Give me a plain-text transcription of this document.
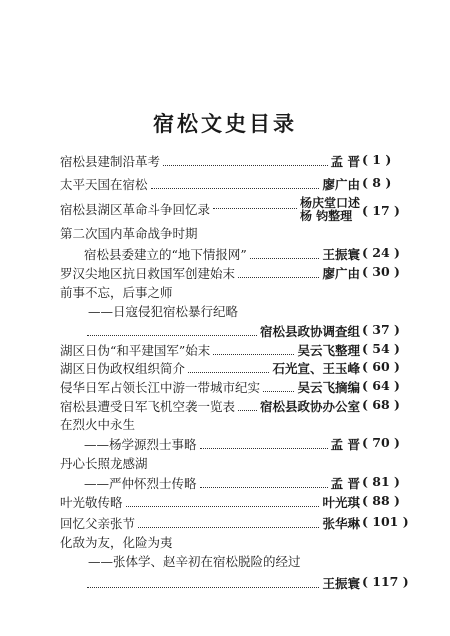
宿松文史目录
宿松县建制沿革考	孟 晋 ( 1 )
太平天国在宿松	廖广由 ( 8 )
宿松县湖区革命斗争回忆录	杨庆堂口述
杨 钧整理 ( 17 )
第二次国内革命战争时期
宿松县委建立的“地下情报网”	王振寰 ( 24 )
罗汉尖地区抗日救国军创建始末	廖广由 ( 30 )
前事不忘，后事之师
——日寇侵犯宿松暴行纪略
宿松县政协调查组 ( 37 )
湖区日伪“和平建国军”始末	吴云飞整理 ( 54 )
湖区日伪政权组织简介	石光宣、王玉峰 ( 60 )
侵华日军占领长江中游一带城市纪实	吴云飞摘编 ( 64 )
宿松县遭受日军飞机空袭一览表 宿松县政协办公室 ( 68 )
在烈火中永生
——杨学源烈士事略	孟 晋 ( 70 )
丹心长照龙感湖
——严仲怀烈士传略	孟 晋 ( 81 )
叶光敬传略	叶光琪 ( 88 )
回忆父亲张节	张华琳 ( 101 )
化敌为友，化险为夷
——张体学、赵辛初在宿松脱险的经过
王振寰 ( 117 )
